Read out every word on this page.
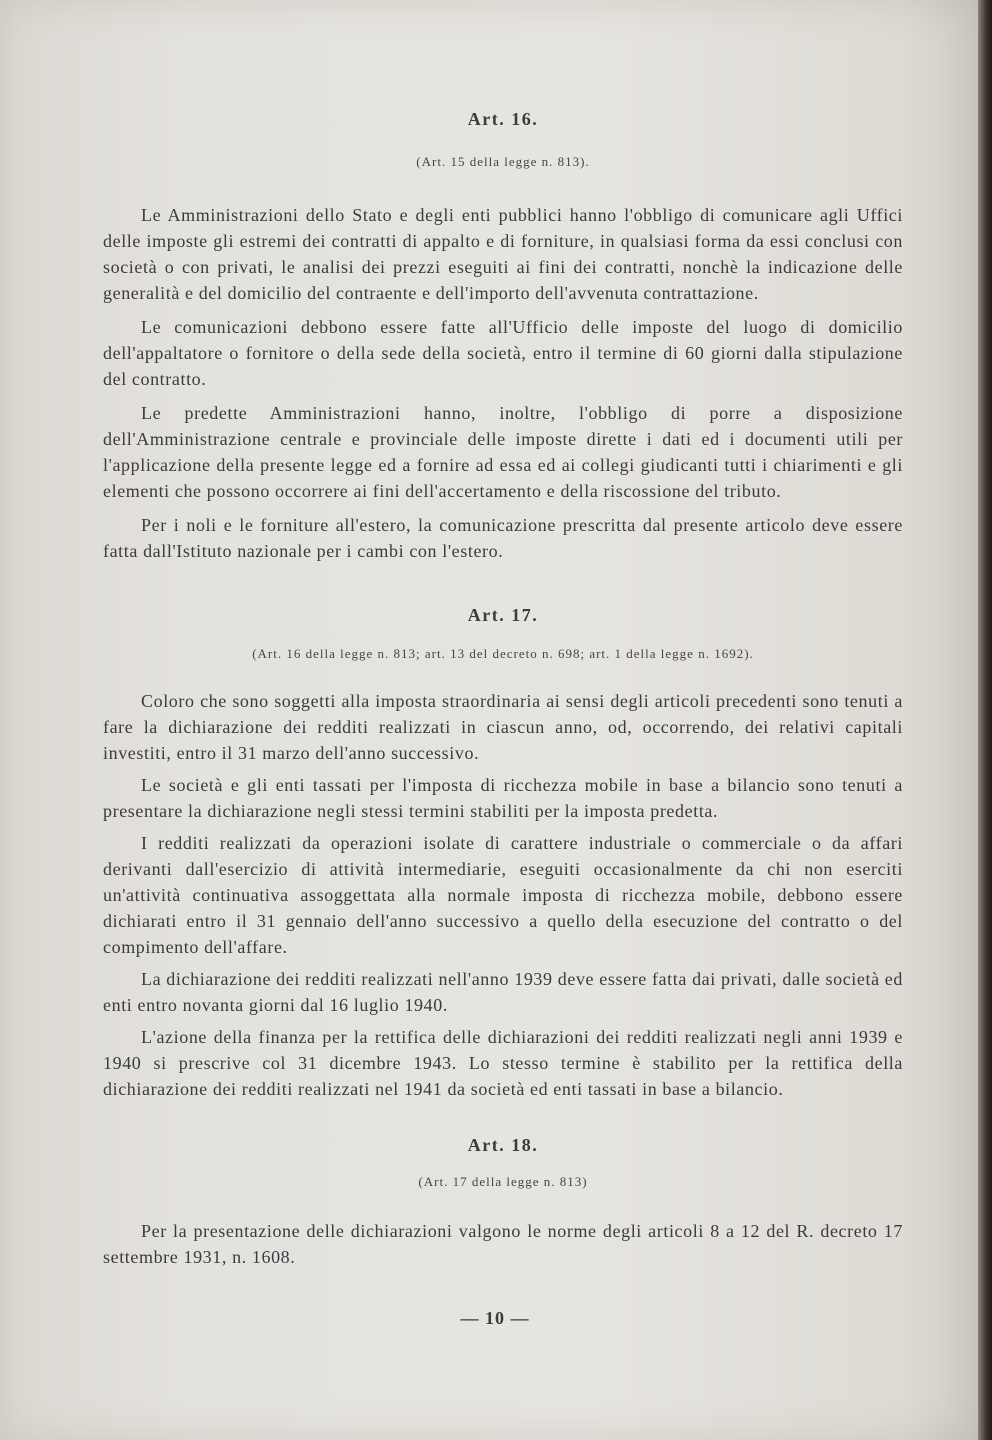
Art. 16.

(Art. 15 della legge n. 813).

Le Amministrazioni dello Stato e degli enti pubblici hanno l'obbligo di comunicare agli Uffici delle imposte gli estremi dei contratti di appalto e di forniture, in qualsiasi forma da essi conclusi con società o con privati, le analisi dei prezzi eseguiti ai fini dei contratti, nonchè la indicazione delle generalità e del domicilio del contraente e dell'importo dell'avvenuta contrattazione.

Le comunicazioni debbono essere fatte all'Ufficio delle imposte del luogo di domicilio dell'appaltatore o fornitore o della sede della società, entro il termine di 60 giorni dalla stipulazione del contratto.

Le predette Amministrazioni hanno, inoltre, l'obbligo di porre a disposizione dell'Amministrazione centrale e provinciale delle imposte dirette i dati ed i documenti utili per l'applicazione della presente legge ed a fornire ad essa ed ai collegi giudicanti tutti i chiarimenti e gli elementi che possono occorrere ai fini dell'accertamento e della riscossione del tributo.

Per i noli e le forniture all'estero, la comunicazione prescritta dal presente articolo deve essere fatta dall'Istituto nazionale per i cambi con l'estero.

Art. 17.

(Art. 16 della legge n. 813; art. 13 del decreto n. 698; art. 1 della legge n. 1692).

Coloro che sono soggetti alla imposta straordinaria ai sensi degli articoli precedenti sono tenuti a fare la dichiarazione dei redditi realizzati in ciascun anno, od, occorrendo, dei relativi capitali investiti, entro il 31 marzo dell'anno successivo.

Le società e gli enti tassati per l'imposta di ricchezza mobile in base a bilancio sono tenuti a presentare la dichiarazione negli stessi termini stabiliti per la imposta predetta.

I redditi realizzati da operazioni isolate di carattere industriale o commerciale o da affari derivanti dall'esercizio di attività intermediarie, eseguiti occasionalmente da chi non eserciti un'attività continuativa assoggettata alla normale imposta di ricchezza mobile, debbono essere dichiarati entro il 31 gennaio dell'anno successivo a quello della esecuzione del contratto o del compimento dell'affare.

La dichiarazione dei redditi realizzati nell'anno 1939 deve essere fatta dai privati, dalle società ed enti entro novanta giorni dal 16 luglio 1940.

L'azione della finanza per la rettifica delle dichiarazioni dei redditi realizzati negli anni 1939 e 1940 si prescrive col 31 dicembre 1943. Lo stesso termine è stabilito per la rettifica della dichiarazione dei redditi realizzati nel 1941 da società ed enti tassati in base a bilancio.

Art. 18.

(Art. 17 della legge n. 813)

Per la presentazione delle dichiarazioni valgono le norme degli articoli 8 a 12 del R. decreto 17 settembre 1931, n. 1608.

— 10 —
